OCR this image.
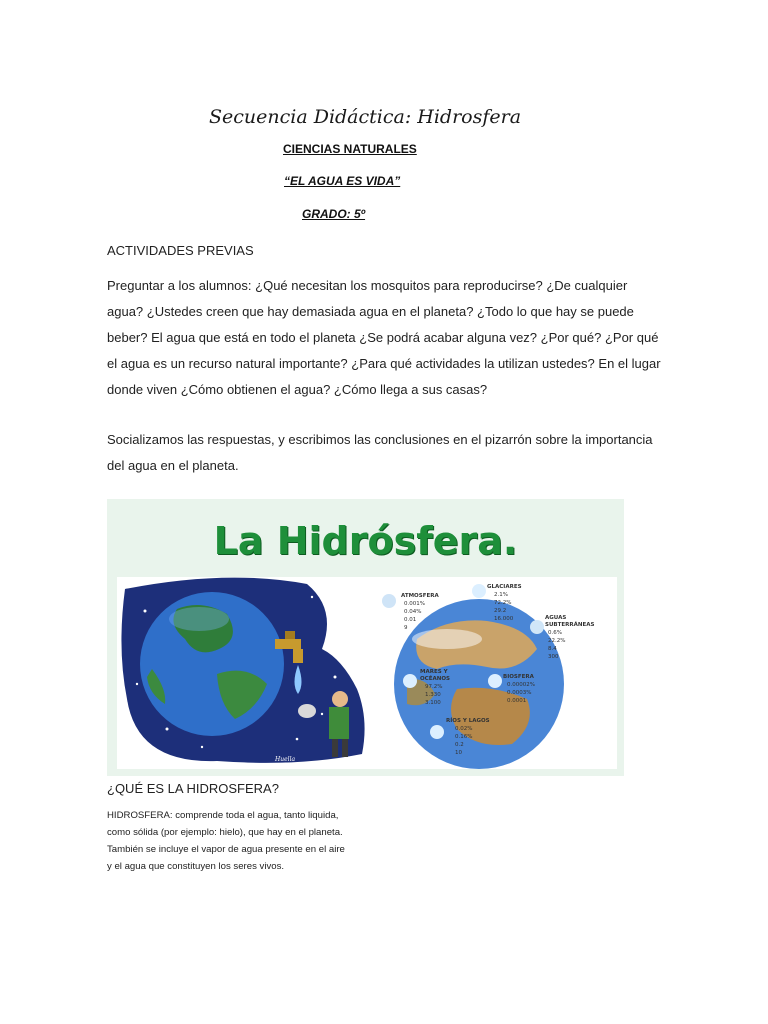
Secuencia Didáctica: Hidrosfera
CIENCIAS NATURALES
“EL AGUA ES VIDA”
GRADO: 5º
ACTIVIDADES PREVIAS

Preguntar a los alumnos: ¿Qué necesitan los mosquitos para reproducirse? ¿De cualquier agua? ¿Ustedes creen que hay demasiada agua en el planeta? ¿Todo lo que hay se puede beber? El agua que está en todo el planeta ¿Se podrá acabar alguna vez? ¿Por qué? ¿Por qué el agua es un recurso natural importante? ¿Para qué actividades la utilizan ustedes? En el lugar donde viven ¿Cómo obtienen el agua? ¿Cómo llega a sus casas?

Socializamos las respuestas, y escribimos las conclusiones en el pizarrón sobre la importancia del agua en el planeta.

La Hidrósfera.
Huella
ATMOSFERA
0.001%
0.04%
0.01
9
GLACIARES
2.1%
72.2%
29.2
16.000	AGUAS
SUBTERRÁNEAS
0.6%
22.2%
8.4
300
MARES Y
OCÉANOS
97.2%
1.330
3.100
BIOSFERA
0.00002%
0.0003%
0.0001
RÍOS Y LAGOS
0.02%
0.16%
0.2
10
¿QUÉ ES LA HIDROSFERA?

HIDROSFERA: comprende toda el agua, tanto liquida, como sólida (por ejemplo: hielo), que hay en el planeta. También se incluye el vapor de agua presente en el aire y el agua que constituyen los seres vivos.
